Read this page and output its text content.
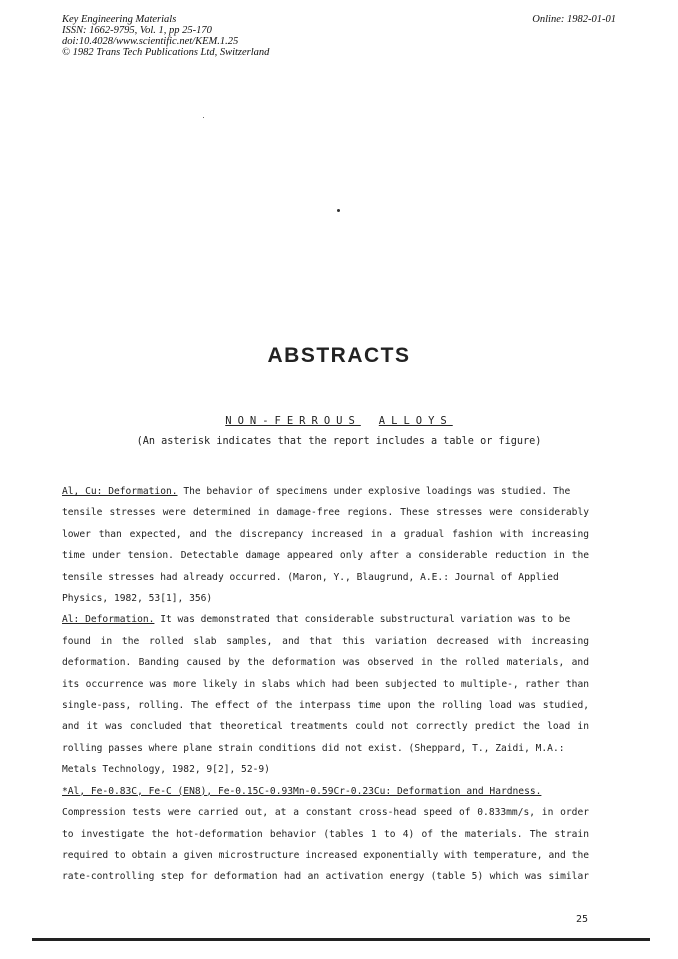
Key Engineering Materials
ISSN: 1662-9795, Vol. 1, pp 25-170
doi:10.4028/www.scientific.net/KEM.1.25
© 1982 Trans Tech Publications Ltd, Switzerland
Online: 1982-01-01
ABSTRACTS
NON-FERROUS ALLOYS
(An asterisk indicates that the report includes a table or figure)
Al, Cu: Deformation. The behavior of specimens under explosive loadings was studied. The
tensile stresses were determined in damage-free regions. These stresses were considerably
lower than expected, and the discrepancy increased in a gradual fashion with increasing
time under tension. Detectable damage appeared only after a considerable reduction in the
tensile stresses had already occurred. (Maron, Y., Blaugrund, A.E.: Journal of Applied
Physics, 1982, 53[1], 356)
Al: Deformation. It was demonstrated that considerable substructural variation was to be
found in the rolled slab samples, and that this variation decreased with increasing
deformation. Banding caused by the deformation was observed in the rolled materials, and
its occurrence was more likely in slabs which had been subjected to multiple-, rather than
single-pass, rolling. The effect of the interpass time upon the rolling load was studied,
and it was concluded that theoretical treatments could not correctly predict the load in
rolling passes where plane strain conditions did not exist. (Sheppard, T., Zaidi, M.A.:
Metals Technology, 1982, 9[2], 52-9)
*Al, Fe-0.83C, Fe-C (EN8), Fe-0.15C-0.93Mn-0.59Cr-0.23Cu: Deformation and Hardness.
Compression tests were carried out, at a constant cross-head speed of 0.833mm/s, in order
to investigate the hot-deformation behavior (tables 1 to 4) of the materials. The strain
required to obtain a given microstructure increased exponentially with temperature, and the
rate-controlling step for deformation had an activation energy (table 5) which was similar
25
